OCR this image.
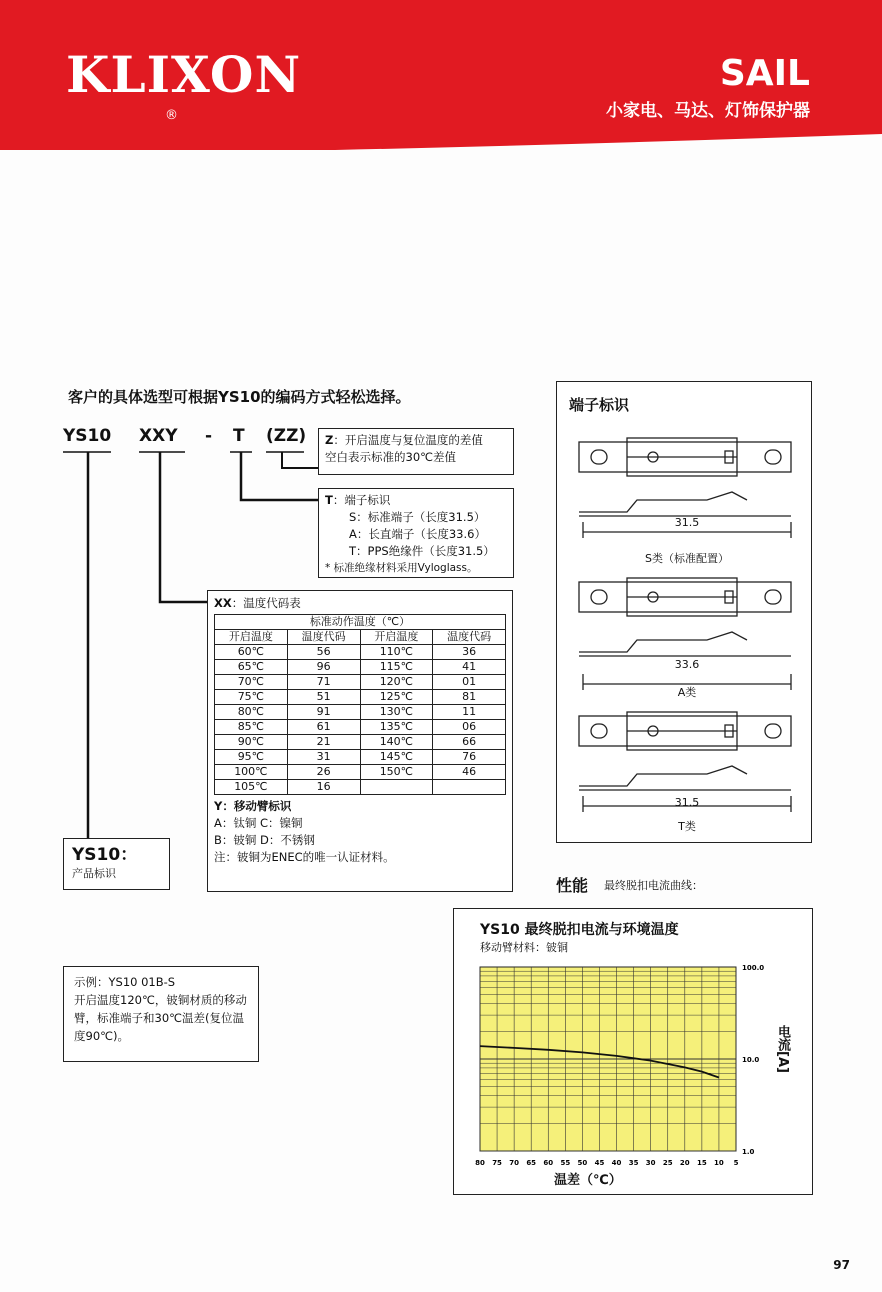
KLIXON
®
SAIL
小家电、马达、灯饰保护器
客户的具体选型可根据YS10的编码方式轻松选择。
YS10 XXY - T (ZZ) Z：开启温度与复位温度的差值
空白表示标准的30℃差值
T：端子标识
S：标准端子（长度31.5）
A：长直端子（长度33.6）
T：PPS绝缘件（长度31.5）
* 标准绝缘材料采用Vyloglass。
XX：温度代码表
标准动作温度（℃）			
开启温度	温度代码	开启温度	温度代码
60℃	56	110℃	36
65℃	96	115℃	41
70℃	71	120℃	01
75℃	51	125℃	81
80℃	91	130℃	11
85℃	61	135℃	06
90℃	21	140℃	66
95℃	31	145℃	76
100℃	26	150℃	46
105℃	16		
Y：移动臂标识
A：钛铜 C：镍铜
B：铍铜 D：不锈钢
注：铍铜为ENEC的唯一认证材料。
YS10：
产品标识
示例：YS10 01B-S
开启温度120℃，铍铜材质的移动臂，标准端子和30℃温差(复位温度90℃)。
端子标识
31.5
S类（标准配置）
33.6
A类
31.5
T类
性能 最终脱扣电流曲线：
YS10 最终脱扣电流与环境温度
移动臂材料：铍铜
80 75 70 65 60 55 50 45 40 35 30 25 20 15 10 5
100.0
10.0
1.0
温差（℃）
电流[A]
97
